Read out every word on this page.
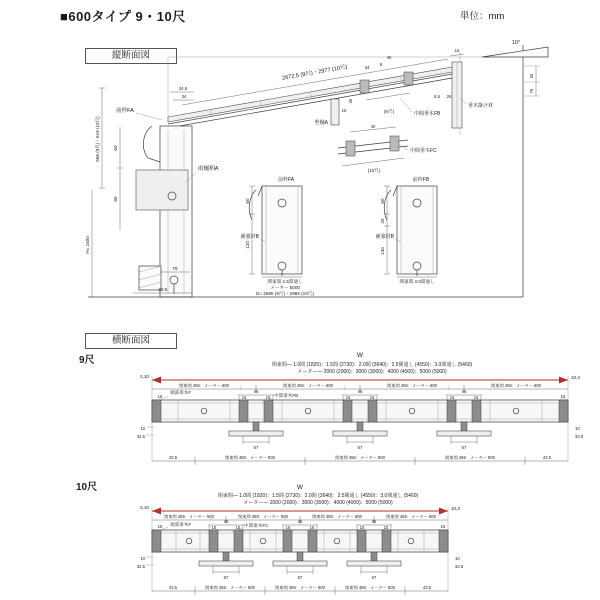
■600タイプ 9・10尺	単位：mm
縦断面図
横断面図
9尺
10尺
10°
2672.5 (9尺)・2977 (10尺)
前枠FA
雨樋柄A
34.5
34
566 (9尺)・619 (10尺)	60
85
H= 2400
76
92.5
竪樋A
36
15
40
34
8
(9尺)	中間垂木FB
40
(10尺)
中間垂木FC
15
8.5 26
50
75
垂木掛け材
60
120
前枠FA
補強材B
関東間 2.5間通し
メーター 5000
D= 2685 (9尺)・2985 (10尺)
60
25
130
前枠FB
補強材B
関東間 3.0間通し
W
関東間— 1.0間 (1820)：1.5間 (2730)：2.0間 (3640)：2.5間通し (4550)：3.0間通し (5460)
メーター— 2000 (2000)：3000 (3000)：4000 (4000)：5000 (5000)
3,10	10,3
関東間 455：メーター 500	関東間 455：メーター 500	関東間 455：メーター 500	関東間 455：メーター 500
45	45	45
15	15	15	15	15	15
15	15
67	67	67
端部垂木F
中間垂木FB
10
32.5
10
32.5
43.5	43.5
関東間 455：メーター 500	関東間 455：メーター 500	関東間 455：メーター 500
W
関東間— 1.0間 (1820)：1.5間 (2730)：2.0間 (3640)：2.5間通し (4550)：3.0間通し (5460)
メーター— 2000 (2000)：3000 (3000)：4000 (4000)：5000 (5000)
3,10	10,3
関東間 455：メーター 500	関東間 455：メーター 500	関東間 455：メーター 500	関東間 455：メーター 500
45	45	45
15	15	15	15	15	15
15	15
67	67	67
端部垂木F	中間垂木FC
10
32.5
10
32.5
43.5	43.5
関東間 455：メーター 500	関東間 455：メーター 500	関東間 455：メーター 500
